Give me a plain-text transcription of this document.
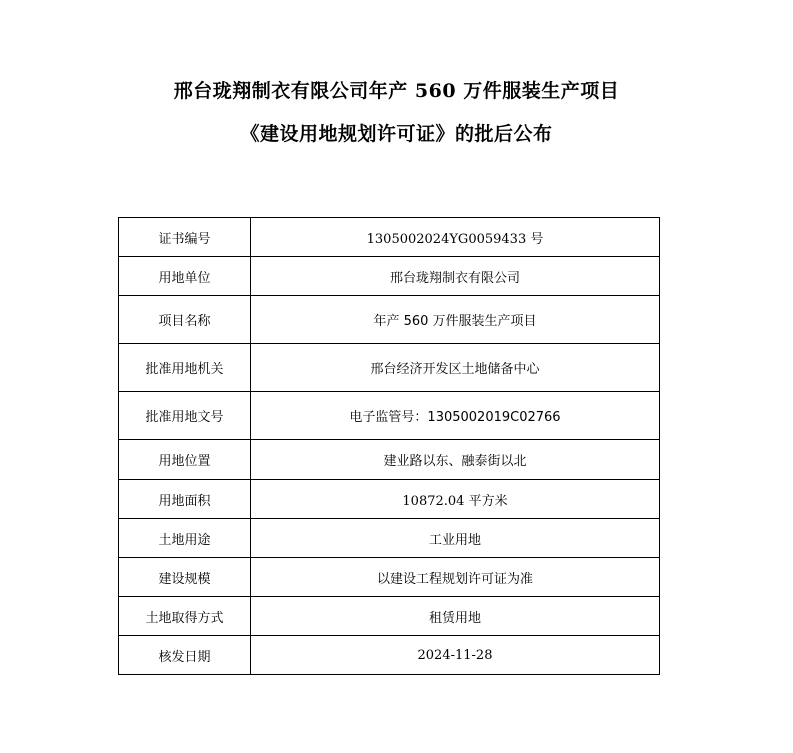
邢台珑翔制衣有限公司年产 560 万件服装生产项目
《建设用地规划许可证》的批后公布
证书编号	1305002024YG0059433 号
用地单位	邢台珑翔制衣有限公司
项目名称	年产 560 万件服装生产项目
批准用地机关	邢台经济开发区土地储备中心
批准用地文号	电子监管号：1305002019C02766
用地位置	建业路以东、融泰街以北
用地面积	10872.04 平方米
土地用途	工业用地
建设规模	以建设工程规划许可证为准
土地取得方式	租赁用地
核发日期	2024-11-28
